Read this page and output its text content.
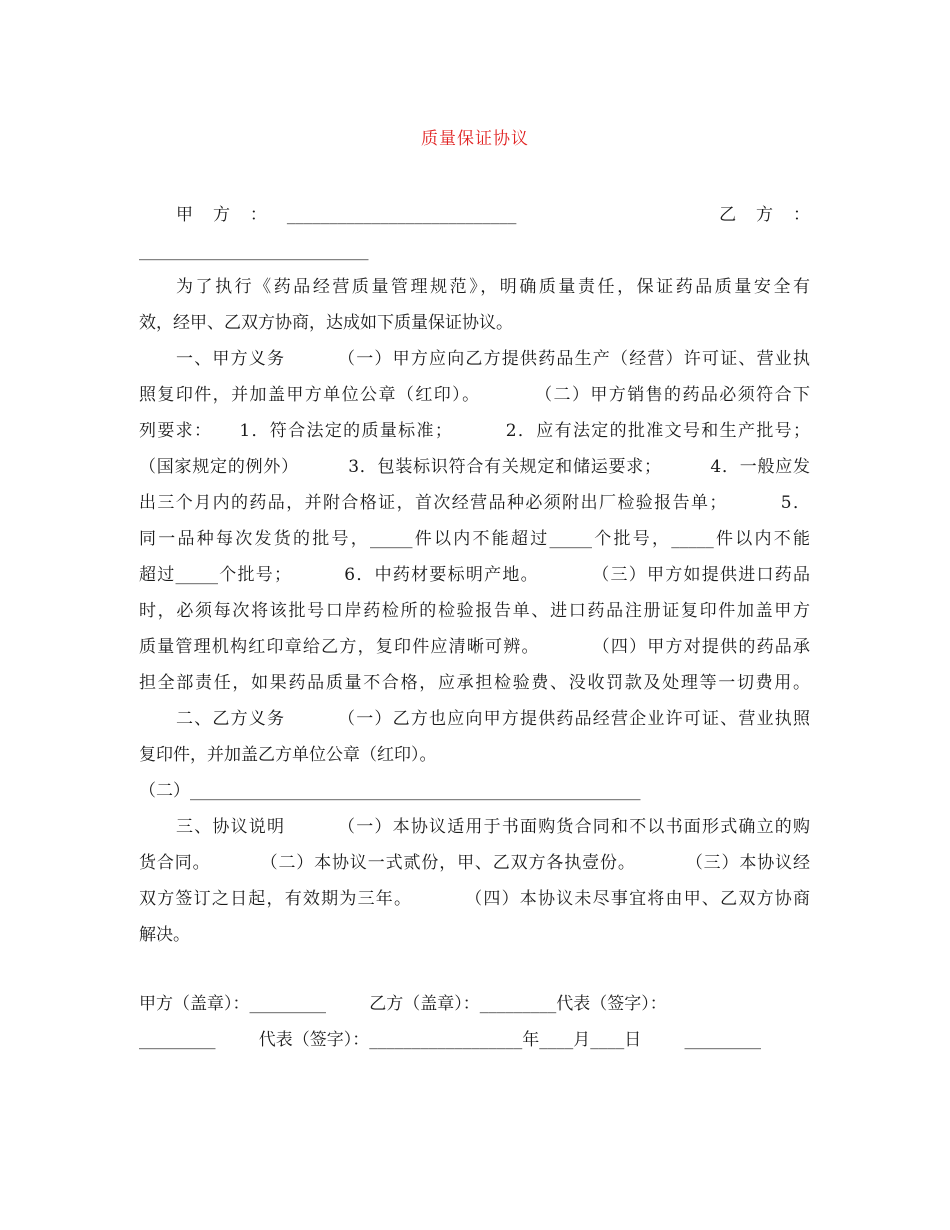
质量保证协议
甲方：___________________________        乙方：
___________________________
为了执行《药品经营质量管理规范》，明确质量责任，保证药品质量安全有
效，经甲、乙双方协商，达成如下质量保证协议。
一、甲方义务        （一）甲方应向乙方提供药品生产（经营）许可证、营业执
照复印件，并加盖甲方单位公章（红印）。        （二）甲方销售的药品必须符合下
列要求：    1．符合法定的质量标准；        2．应有法定的批准文号和生产批号；
（国家规定的例外）        3．包装标识符合有关规定和储运要求；        4．一般应发
出三个月内的药品，并附合格证，首次经营品种必须附出厂检验报告单；        5．
同一品种每次发货的批号，_____件以内不能超过_____个批号，_____件以内不能
超过_____个批号；        6．中药材要标明产地。        （三）甲方如提供进口药品
时，必须每次将该批号口岸药检所的检验报告单、进口药品注册证复印件加盖甲方
质量管理机构红印章给乙方，复印件应清晰可辨。        （四）甲方对提供的药品承
担全部责任，如果药品质量不合格，应承担检验费、没收罚款及处理等一切费用。
二、乙方义务        （一）乙方也应向甲方提供药品经营企业许可证、营业执照
复印件，并加盖乙方单位公章（红印）。
（二）_____________________________________________________
三、协议说明        （一）本协议适用于书面购货合同和不以书面形式确立的购
货合同。        （二）本协议一式贰份，甲、乙双方各执壹份。        （三）本协议经
双方签订之日起，有效期为三年。        （四）本协议未尽事宜将由甲、乙双方协商
解决。
甲方（盖章）：_________        乙方（盖章）：_________代表（签字）：
_________        代表（签字）：__________________年____月____日        _________
